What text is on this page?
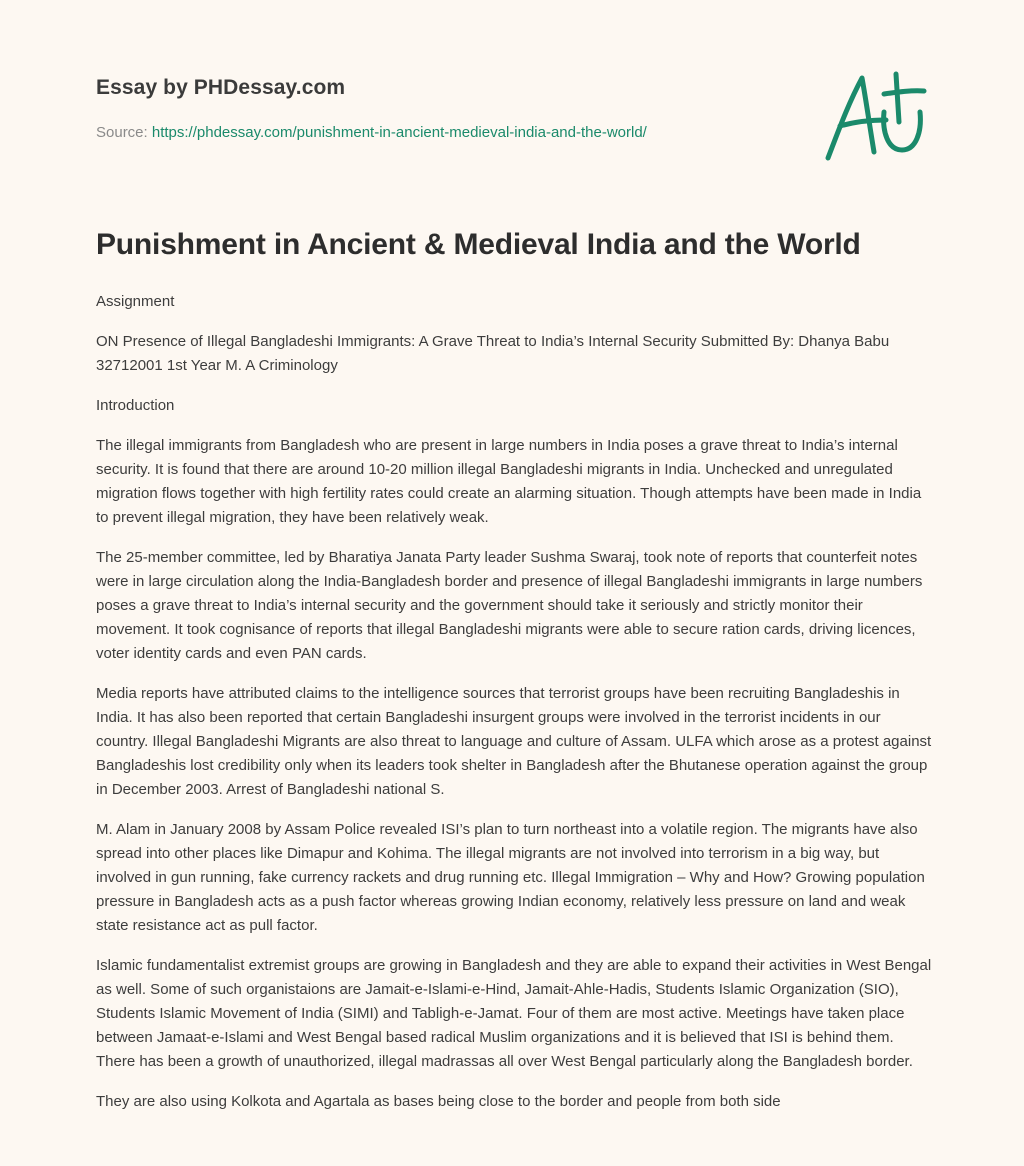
Essay by PHDessay.com
Source: https://phdessay.com/punishment-in-ancient-medieval-india-and-the-world/
Punishment in Ancient & Medieval India and the World

Assignment

ON Presence of Illegal Bangladeshi Immigrants: A Grave Threat to India’s Internal Security Submitted By: Dhanya Babu 32712001 1st Year M. A Criminology

Introduction

The illegal immigrants from Bangladesh who are present in large numbers in India poses a grave threat to India’s internal security. It is found that there are around 10-20 million illegal Bangladeshi migrants in India. Unchecked and unregulated migration flows together with high fertility rates could create an alarming situation. Though attempts have been made in India to prevent illegal migration, they have been relatively weak.

The 25-member committee, led by Bharatiya Janata Party leader Sushma Swaraj, took note of reports that counterfeit notes were in large circulation along the India-Bangladesh border and presence of illegal Bangladeshi immigrants in large numbers poses a grave threat to India’s internal security and the government should take it seriously and strictly monitor their movement. It took cognisance of reports that illegal Bangladeshi migrants were able to secure ration cards, driving licences, voter identity cards and even PAN cards.

Media reports have attributed claims to the intelligence sources that terrorist groups have been recruiting Bangladeshis in India. It has also been reported that certain Bangladeshi insurgent groups were involved in the terrorist incidents in our country. Illegal Bangladeshi Migrants are also threat to language and culture of Assam. ULFA which arose as a protest against Bangladeshis lost credibility only when its leaders took shelter in Bangladesh after the Bhutanese operation against the group in December 2003. Arrest of Bangladeshi national S.

M. Alam in January 2008 by Assam Police revealed ISI’s plan to turn northeast into a volatile region. The migrants have also spread into other places like Dimapur and Kohima. The illegal migrants are not involved into terrorism in a big way, but involved in gun running, fake currency rackets and drug running etc. Illegal Immigration – Why and How? Growing population pressure in Bangladesh acts as a push factor whereas growing Indian economy, relatively less pressure on land and weak state resistance act as pull factor.

Islamic fundamentalist extremist groups are growing in Bangladesh and they are able to expand their activities in West Bengal as well. Some of such organistaions are Jamait-e-Islami-e-Hind, Jamait-Ahle-Hadis, Students Islamic Organization (SIO), Students Islamic Movement of India (SIMI) and Tabligh-e-Jamat. Four of them are most active. Meetings have taken place between Jamaat-e-Islami and West Bengal based radical Muslim organizations and it is believed that ISI is behind them. There has been a growth of unauthorized, illegal madrassas all over West Bengal particularly along the Bangladesh border.

They are also using Kolkota and Agartala as bases being close to the border and people from both side
